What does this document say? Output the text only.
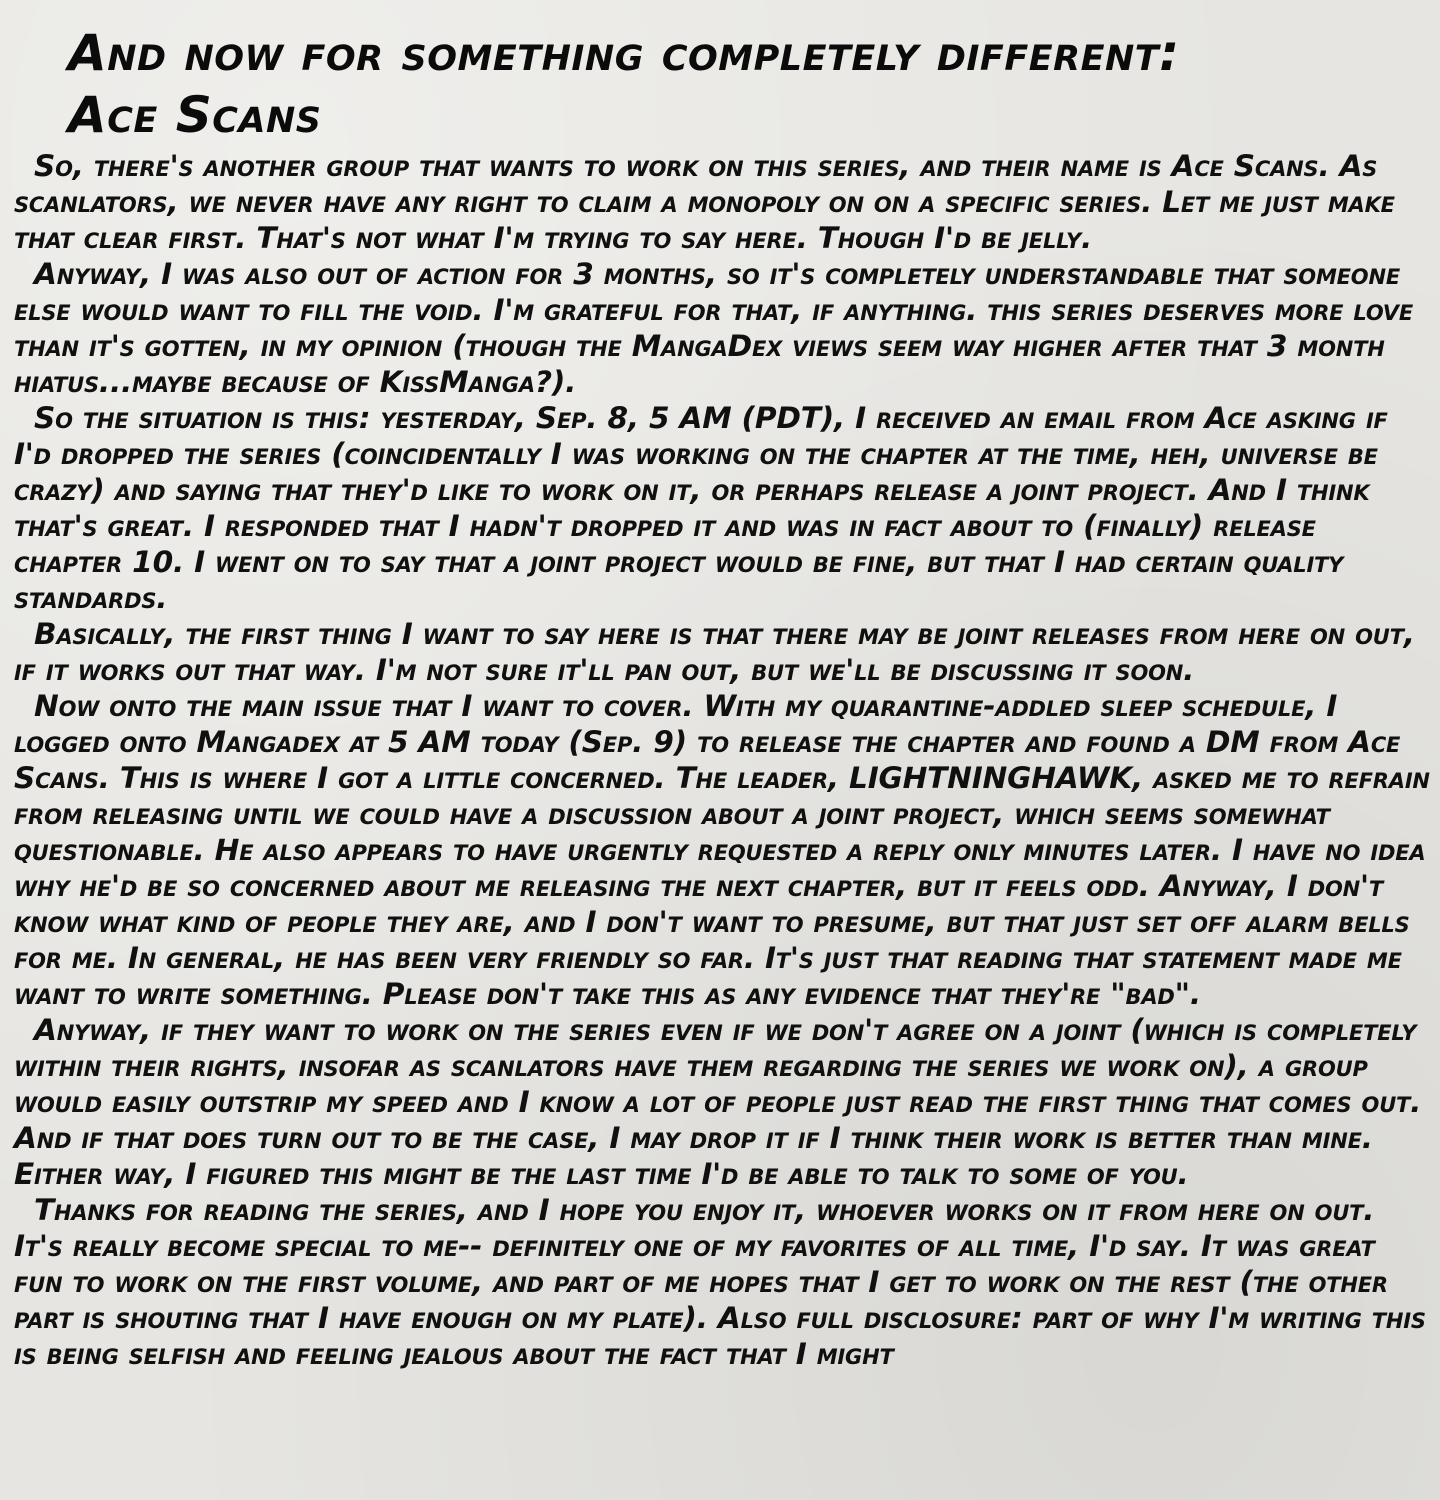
And now for something completely different:
Ace Scans

So, there's another group that wants to work on this series, and their name is Ace Scans. As scanlators, we never have any right to claim a monopoly on on a specific series. Let me just make that clear first. That's not what I'm trying to say here. Though I'd be jelly.

Anyway, I was also out of action for 3 months, so it's completely understandable that someone else would want to fill the void. I'm grateful for that, if anything. this series deserves more love than it's gotten, in my opinion (though the MangaDex views seem way higher after that 3 month hiatus...maybe because of KissManga?).

So the situation is this: yesterday, Sep. 8, 5 AM (PDT), I received an email from Ace asking if I'd dropped the series (coincidentally I was working on the chapter at the time, heh, universe be crazy) and saying that they'd like to work on it, or perhaps release a joint project. And I think that's great. I responded that I hadn't dropped it and was in fact about to (finally) release chapter 10. I went on to say that a joint project would be fine, but that I had certain quality standards.

Basically, the first thing I want to say here is that there may be joint releases from here on out, if it works out that way. I'm not sure it'll pan out, but we'll be discussing it soon.

Now onto the main issue that I want to cover. With my quarantine-addled sleep schedule, I logged onto Mangadex at 5 AM today (Sep. 9) to release the chapter and found a DM from Ace Scans. This is where I got a little concerned. The leader, LIGHTNINGHAWK, asked me to refrain from releasing until we could have a discussion about a joint project, which seems somewhat questionable. He also appears to have urgently requested a reply only minutes later. I have no idea why he'd be so concerned about me releasing the next chapter, but it feels odd. Anyway, I don't know what kind of people they are, and I don't want to presume, but that just set off alarm bells for me. In general, he has been very friendly so far. It's just that reading that statement made me want to write something. Please don't take this as any evidence that they're "bad".

Anyway, if they want to work on the series even if we don't agree on a joint (which is completely within their rights, insofar as scanlators have them regarding the series we work on), a group would easily outstrip my speed and I know a lot of people just read the first thing that comes out. And if that does turn out to be the case, I may drop it if I think their work is better than mine. Either way, I figured this might be the last time I'd be able to talk to some of you.

Thanks for reading the series, and I hope you enjoy it, whoever works on it from here on out. It's really become special to me-- definitely one of my favorites of all time, I'd say. It was great fun to work on the first volume, and part of me hopes that I get to work on the rest (the other part is shouting that I have enough on my plate). Also full disclosure: part of why I'm writing this is being selfish and feeling jealous about the fact that I might
